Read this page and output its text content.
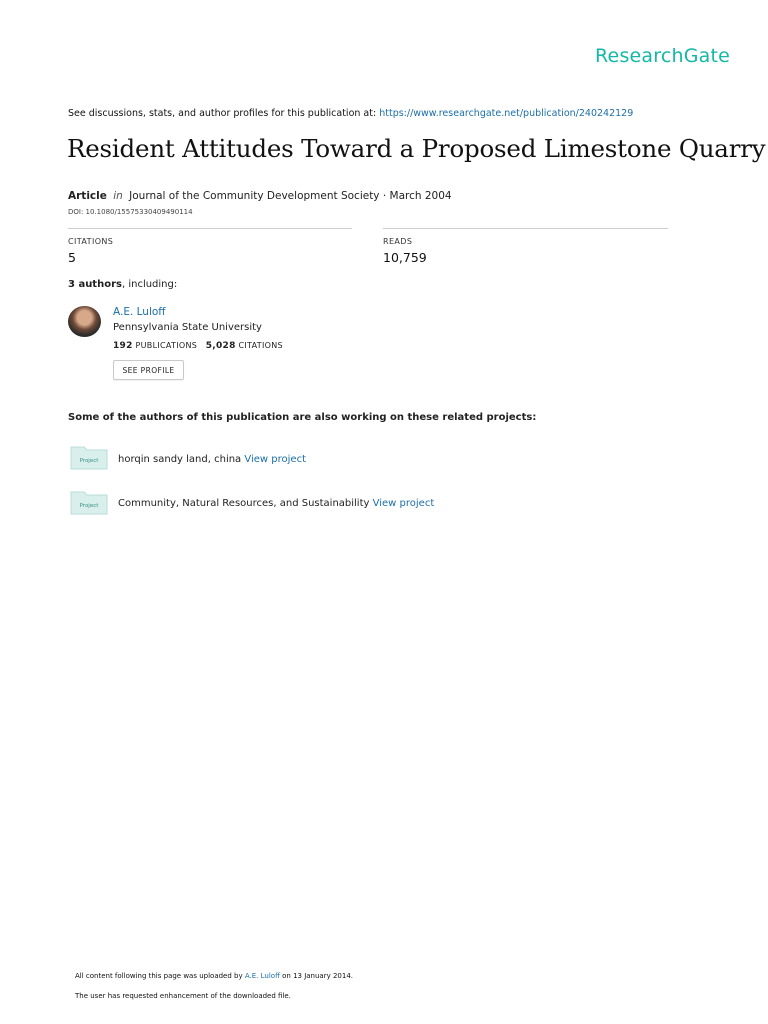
ResearchGate
See discussions, stats, and author profiles for this publication at: https://www.researchgate.net/publication/240242129
Resident Attitudes Toward a Proposed Limestone Quarry
Article in Journal of the Community Development Society · March 2004
DOI: 10.1080/15575330409490114
CITATIONS
5
READS
10,759
3 authors, including:
A.E. Luloff
Pennsylvania State University
192 PUBLICATIONS 5,028 CITATIONS
SEE PROFILE
Some of the authors of this publication are also working on these related projects:
Project horqin sandy land, china View project
Project Community, Natural Resources, and Sustainability View project
All content following this page was uploaded by A.E. Luloff on 13 January 2014.
The user has requested enhancement of the downloaded file.
